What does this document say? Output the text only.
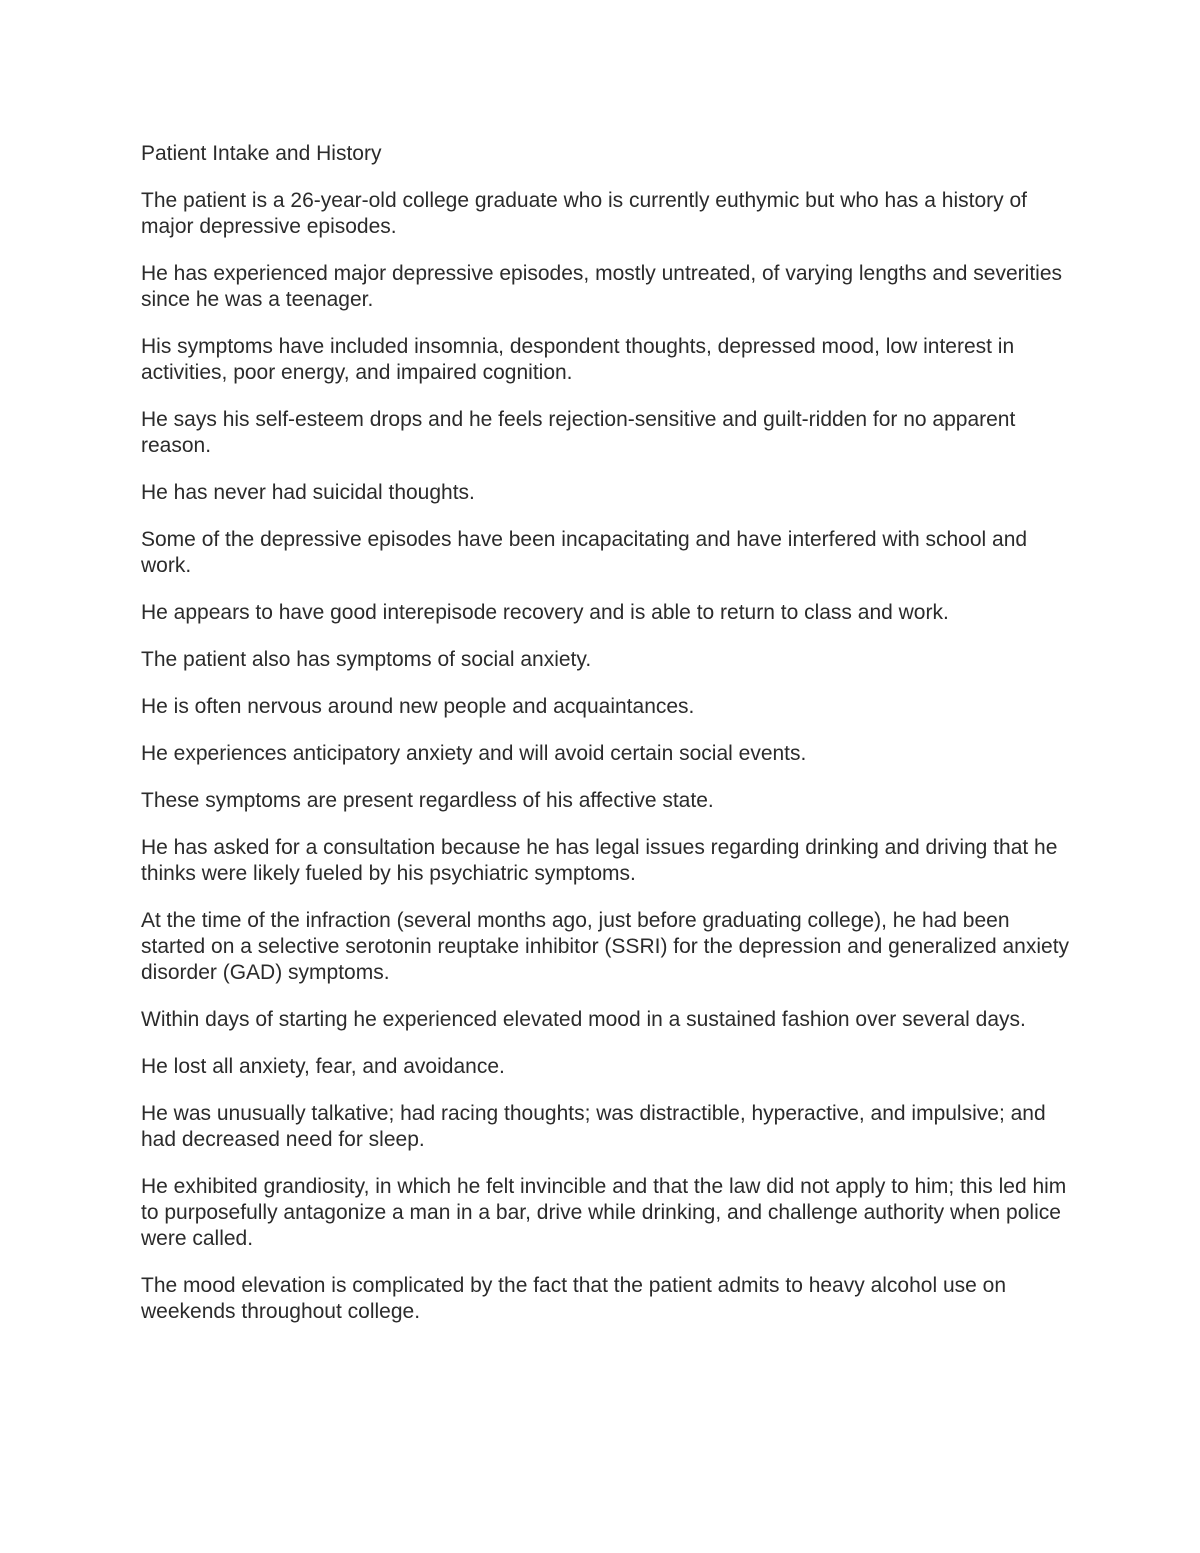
Patient Intake and History

The patient is a 26-year-old college graduate who is currently euthymic but who has a history of major depressive episodes.

He has experienced major depressive episodes, mostly untreated, of varying lengths and severities since he was a teenager.

His symptoms have included insomnia, despondent thoughts, depressed mood, low interest in activities, poor energy, and impaired cognition.

He says his self-esteem drops and he feels rejection-sensitive and guilt-ridden for no apparent reason.

He has never had suicidal thoughts.

Some of the depressive episodes have been incapacitating and have interfered with school and work.

He appears to have good interepisode recovery and is able to return to class and work.

The patient also has symptoms of social anxiety.

He is often nervous around new people and acquaintances.

He experiences anticipatory anxiety and will avoid certain social events.

These symptoms are present regardless of his affective state.

He has asked for a consultation because he has legal issues regarding drinking and driving that he thinks were likely fueled by his psychiatric symptoms.

At the time of the infraction (several months ago, just before graduating college), he had been started on a selective serotonin reuptake inhibitor (SSRI) for the depression and generalized anxiety disorder (GAD) symptoms.

Within days of starting he experienced elevated mood in a sustained fashion over several days.

He lost all anxiety, fear, and avoidance.

He was unusually talkative; had racing thoughts; was distractible, hyperactive, and impulsive; and had decreased need for sleep.

He exhibited grandiosity, in which he felt invincible and that the law did not apply to him; this led him to purposefully antagonize a man in a bar, drive while drinking, and challenge authority when police were called.

The mood elevation is complicated by the fact that the patient admits to heavy alcohol use on weekends throughout college.
